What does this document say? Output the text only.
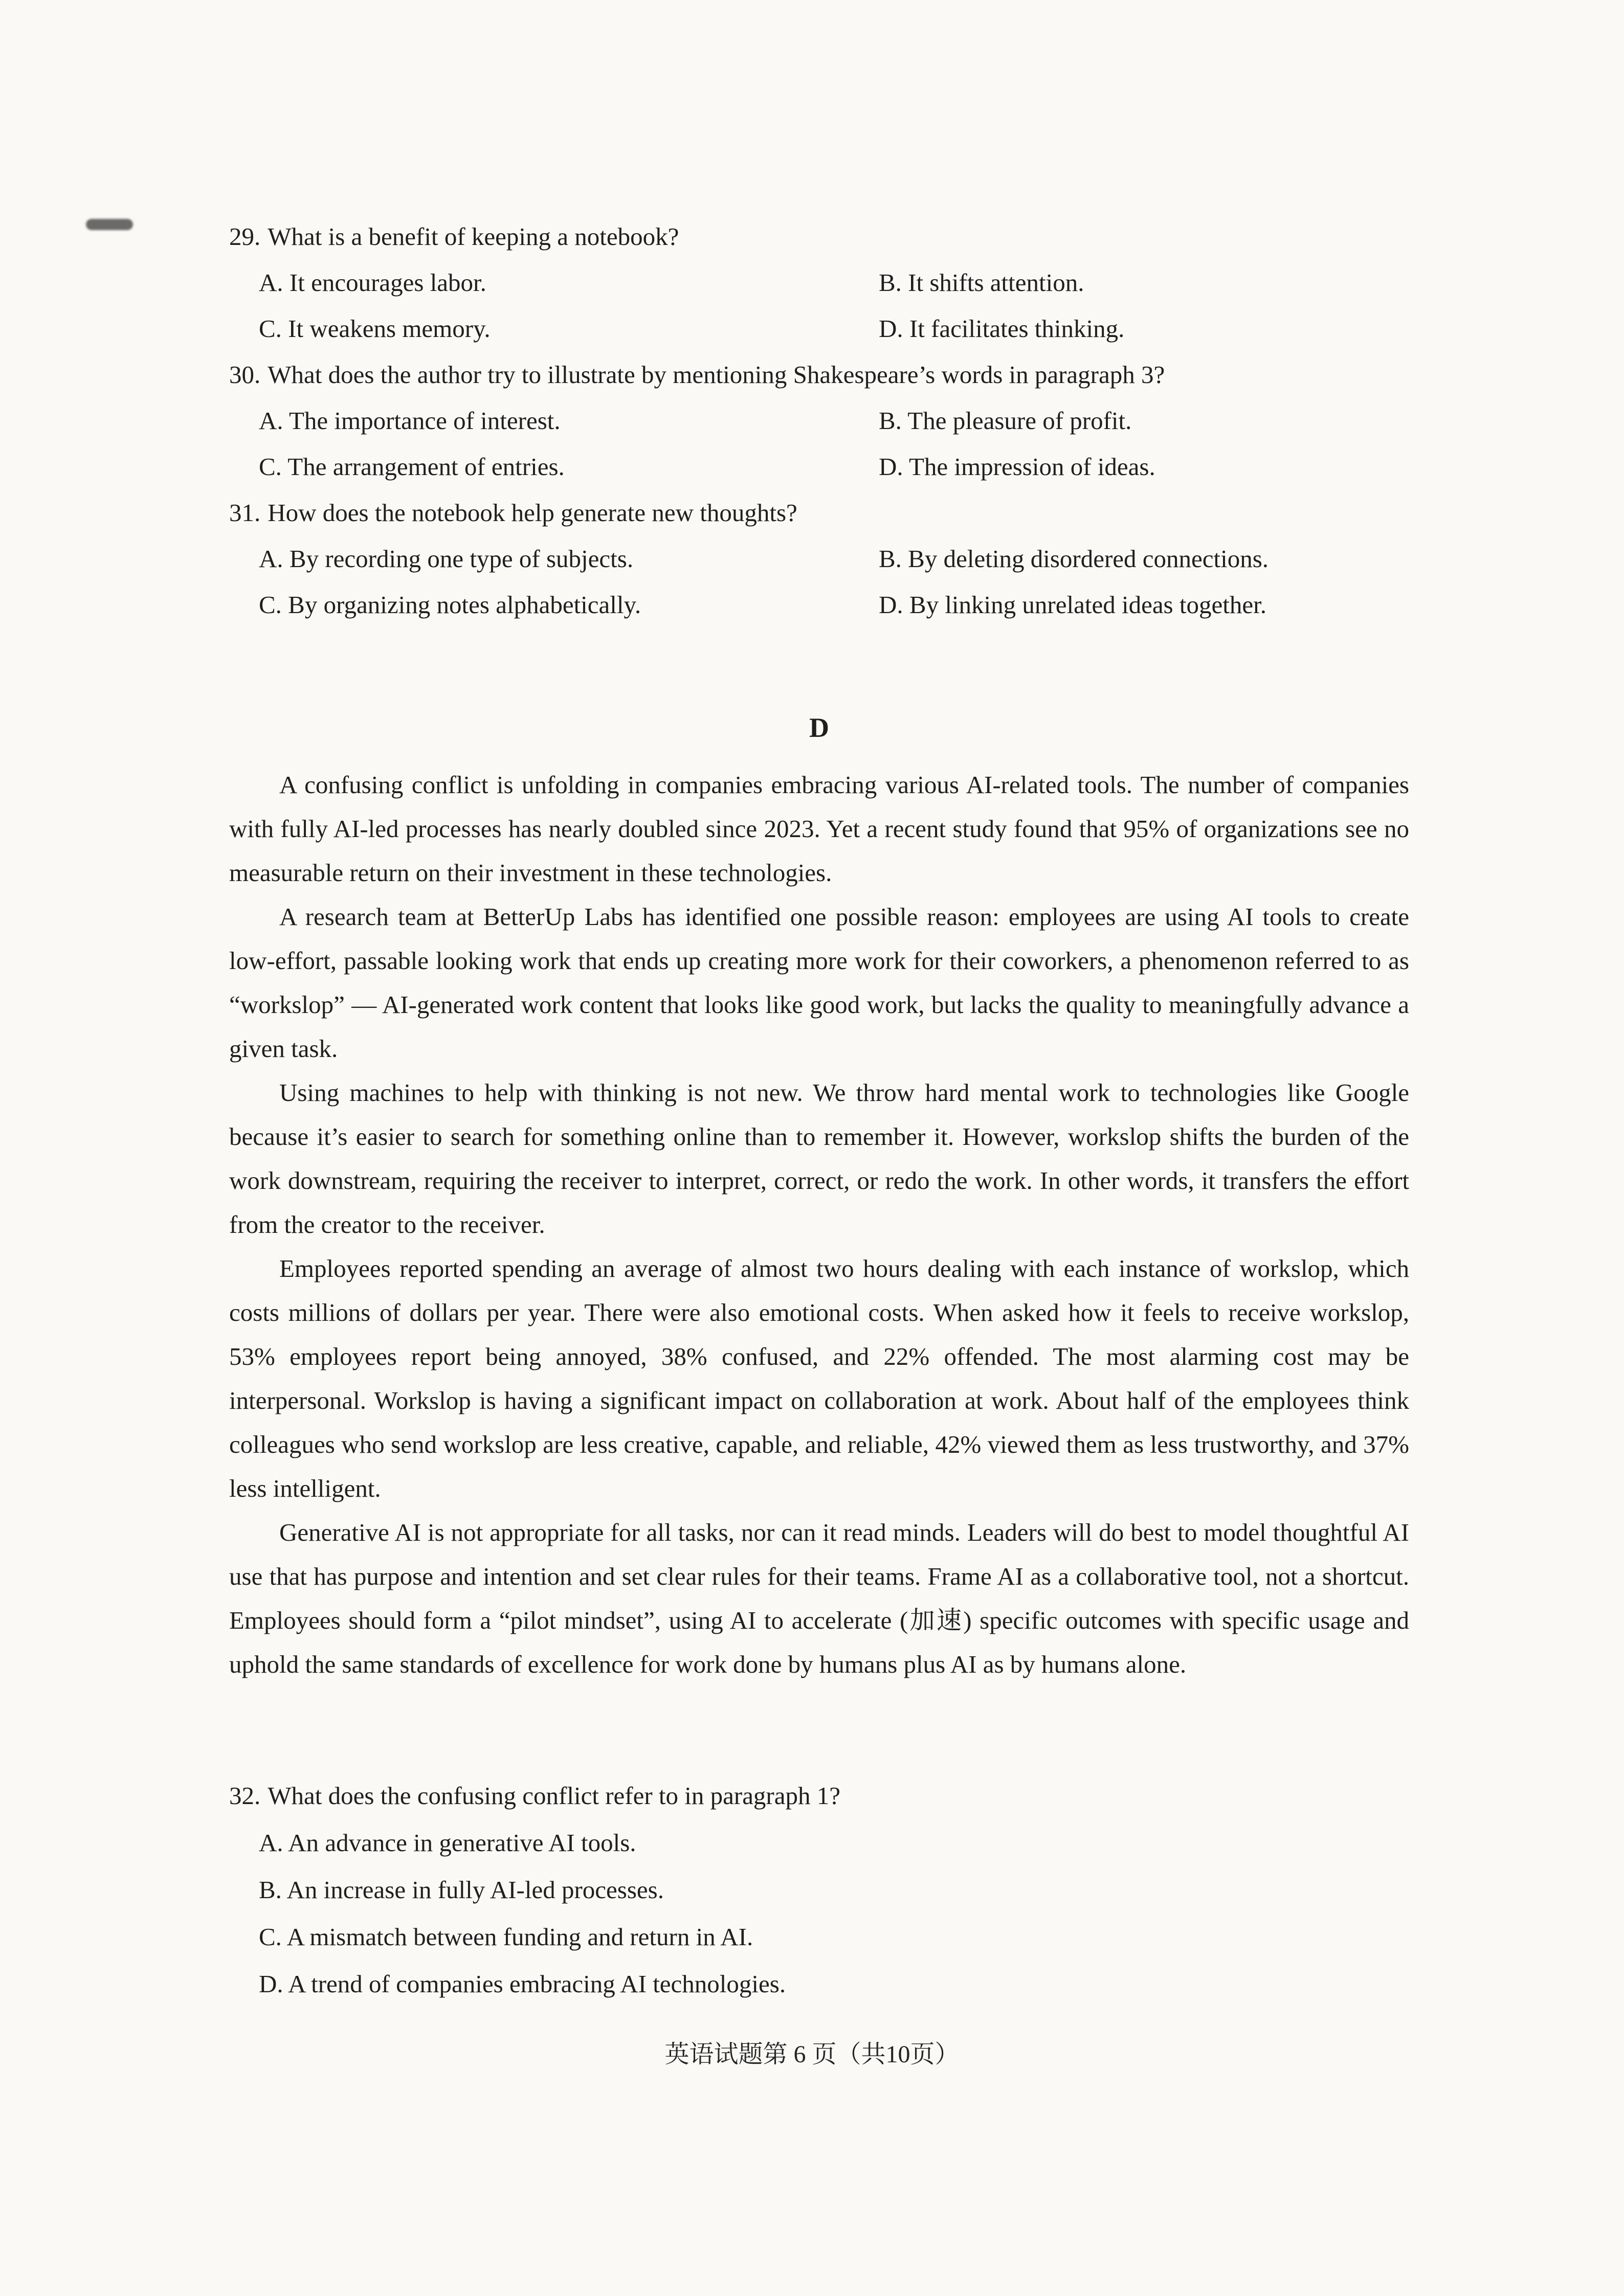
29. What is a benefit of keeping a notebook?
A. It encourages labor.	B. It shifts attention.
C. It weakens memory.	D. It facilitates thinking.
30. What does the author try to illustrate by mentioning Shakespeare’s words in paragraph 3?
A. The importance of interest.	B. The pleasure of profit.
C. The arrangement of entries.	D. The impression of ideas.
31. How does the notebook help generate new thoughts?
A. By recording one type of subjects.	B. By deleting disordered connections.
C. By organizing notes alphabetically.	D. By linking unrelated ideas together.
D

A confusing conflict is unfolding in companies embracing various AI-related tools. The number of companies with fully AI-led processes has nearly doubled since 2023. Yet a recent study found that 95% of organizations see no measurable return on their investment in these technologies.

A research team at BetterUp Labs has identified one possible reason: employees are using AI tools to create low-effort, passable looking work that ends up creating more work for their coworkers, a phenomenon referred to as “workslop” — AI-generated work content that looks like good work, but lacks the quality to meaningfully advance a given task.

Using machines to help with thinking is not new. We throw hard mental work to technologies like Google because it’s easier to search for something online than to remember it. However, workslop shifts the burden of the work downstream, requiring the receiver to interpret, correct, or redo the work. In other words, it transfers the effort from the creator to the receiver.

Employees reported spending an average of almost two hours dealing with each instance of workslop, which costs millions of dollars per year. There were also emotional costs. When asked how it feels to receive workslop, 53% employees report being annoyed, 38% confused, and 22% offended. The most alarming cost may be interpersonal. Workslop is having a significant impact on collaboration at work. About half of the employees think colleagues who send workslop are less creative, capable, and reliable, 42% viewed them as less trustworthy, and 37% less intelligent.

Generative AI is not appropriate for all tasks, nor can it read minds. Leaders will do best to model thoughtful AI use that has purpose and intention and set clear rules for their teams. Frame AI as a collaborative tool, not a shortcut. Employees should form a “pilot mindset”, using AI to accelerate (加速) specific outcomes with specific usage and uphold the same standards of excellence for work done by humans plus AI as by humans alone.

32. What does the confusing conflict refer to in paragraph 1?
A. An advance in generative AI tools.
B. An increase in fully AI-led processes.
C. A mismatch between funding and return in AI.
D. A trend of companies embracing AI technologies.
英语试题第 6 页（共10页）
